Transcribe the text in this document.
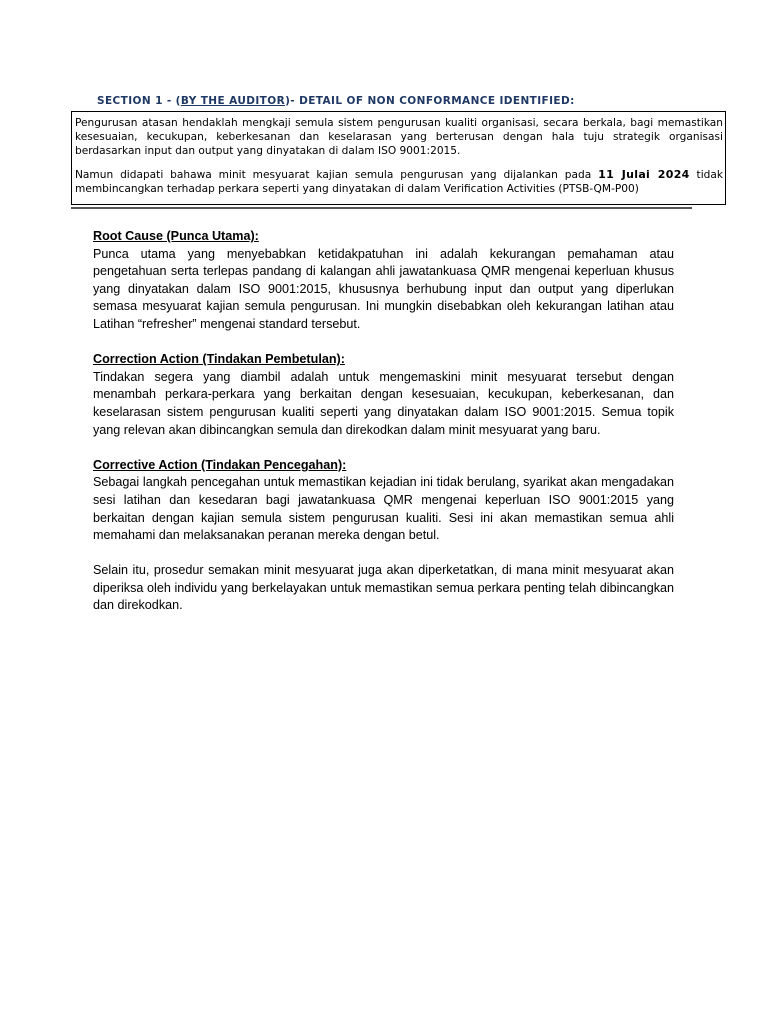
SECTION 1 - (BY THE AUDITOR)- DETAIL OF NON CONFORMANCE IDENTIFIED:

Pengurusan atasan hendaklah mengkaji semula sistem pengurusan kualiti organisasi, secara berkala, bagi memastikan kesesuaian, kecukupan, keberkesanan dan keselarasan yang berterusan dengan hala tuju strategik organisasi berdasarkan input dan output yang dinyatakan di dalam ISO 9001:2015.

Namun didapati bahawa minit mesyuarat kajian semula pengurusan yang dijalankan pada 11 Julai 2024 tidak membincangkan terhadap perkara seperti yang dinyatakan di dalam Verification Activities (PTSB-QM-P00)

Root Cause (Punca Utama):

Punca utama yang menyebabkan ketidakpatuhan ini adalah kekurangan pemahaman atau pengetahuan serta terlepas pandang di kalangan ahli jawatankuasa QMR mengenai keperluan khusus yang dinyatakan dalam ISO 9001:2015, khususnya berhubung input dan output yang diperlukan semasa mesyuarat kajian semula pengurusan. Ini mungkin disebabkan oleh kekurangan latihan atau Latihan “refresher” mengenai standard tersebut.

Correction Action (Tindakan Pembetulan):

Tindakan segera yang diambil adalah untuk mengemaskini minit mesyuarat tersebut dengan menambah perkara-perkara yang berkaitan dengan kesesuaian, kecukupan, keberkesanan, dan keselarasan sistem pengurusan kualiti seperti yang dinyatakan dalam ISO 9001:2015. Semua topik yang relevan akan dibincangkan semula dan direkodkan dalam minit mesyuarat yang baru.

Corrective Action (Tindakan Pencegahan):

Sebagai langkah pencegahan untuk memastikan kejadian ini tidak berulang, syarikat akan mengadakan sesi latihan dan kesedaran bagi jawatankuasa QMR mengenai keperluan ISO 9001:2015 yang berkaitan dengan kajian semula sistem pengurusan kualiti. Sesi ini akan memastikan semua ahli memahami dan melaksanakan peranan mereka dengan betul.

Selain itu, prosedur semakan minit mesyuarat juga akan diperketatkan, di mana minit mesyuarat akan diperiksa oleh individu yang berkelayakan untuk memastikan semua perkara penting telah dibincangkan dan direkodkan.
